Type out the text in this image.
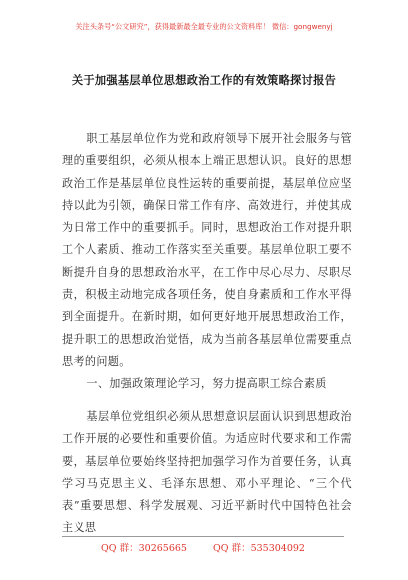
关注头条号“公文研究”，获得最新最全最专业的公文资料库！ 微信：gongwenyj
关于加强基层单位思想政治工作的有效策略探讨报告

职工基层单位作为党和政府领导下展开社会服务与管理的重要组织，必须从根本上端正思想认识。良好的思想政治工作是基层单位良性运转的重要前提，基层单位应坚持以此为引领，确保日常工作有序、高效进行，并使其成为日常工作中的重要抓手。同时，思想政治工作对提升职工个人素质、推动工作落实至关重要。基层单位职工要不断提升自身的思想政治水平，在工作中尽心尽力、尽职尽责，积极主动地完成各项任务，使自身素质和工作水平得到全面提升。在新时期，如何更好地开展思想政治工作，提升职工的思想政治觉悟，成为当前各基层单位需要重点思考的问题。

一、加强政策理论学习，努力提高职工综合素质

基层单位党组织必须从思想意识层面认识到思想政治工作开展的必要性和重要价值。为适应时代要求和工作需要，基层单位要始终坚持把加强学习作为首要任务，认真学习马克思主义、毛泽东思想、邓小平理论、“三个代表”重要思想、科学发展观、习近平新时代中国特色社会主义思

QQ 群：30265665	QQ 群：535304092
